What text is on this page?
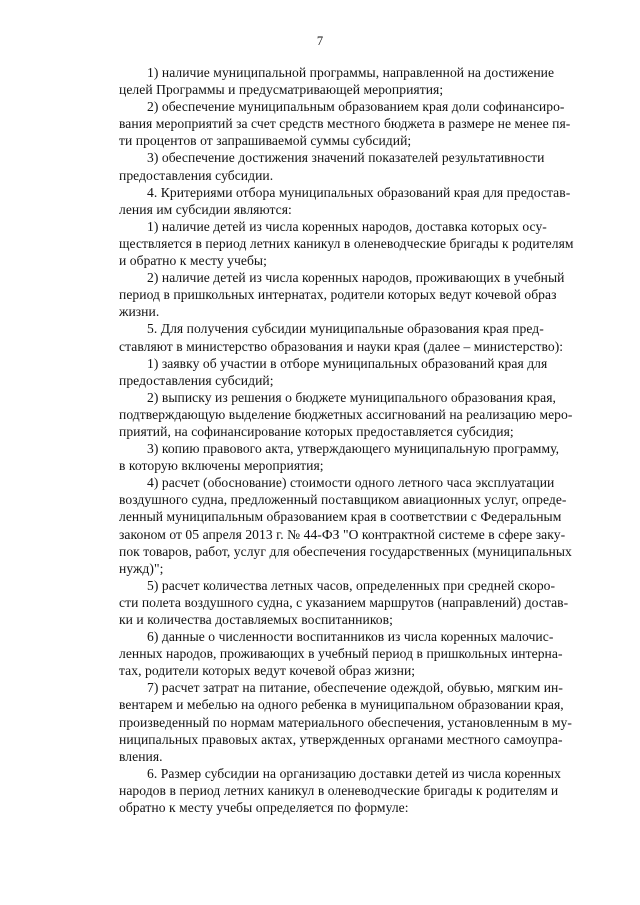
7

1) наличие муниципальной программы, направленной на достижение
целей Программы и предусматривающей мероприятия;

2) обеспечение муниципальным образованием края доли софинансиро-
вания мероприятий за счет средств местного бюджета в размере не менее пя-
ти процентов от запрашиваемой суммы субсидий;

3) обеспечение достижения значений показателей результативности
предоставления субсидии.

4. Критериями отбора муниципальных образований края для предостав-
ления им субсидии являются:

1) наличие детей из числа коренных народов, доставка которых осу-
ществляется в период летних каникул в оленеводческие бригады к родителям
и обратно к месту учебы;

2) наличие детей из числа коренных народов, проживающих в учебный
период в пришкольных интернатах, родители которых ведут кочевой образ
жизни.

5. Для получения субсидии муниципальные образования края пред-
ставляют в министерство образования и науки края (далее – министерство):

1) заявку об участии в отборе муниципальных образований края для
предоставления субсидий;

2) выписку из решения о бюджете муниципального образования края,
подтверждающую выделение бюджетных ассигнований на реализацию меро-
приятий, на софинансирование которых предоставляется субсидия;

3) копию правового акта, утверждающего муниципальную программу,
в которую включены мероприятия;

4) расчет (обоснование) стоимости одного летного часа эксплуатации
воздушного судна, предложенный поставщиком авиационных услуг, опреде-
ленный муниципальным образованием края в соответствии с Федеральным
законом от 05 апреля 2013 г. № 44-ФЗ "О контрактной системе в сфере заку-
пок товаров, работ, услуг для обеспечения государственных (муниципальных
нужд)";

5) расчет количества летных часов, определенных при средней скоро-
сти полета воздушного судна, с указанием маршрутов (направлений) достав-
ки и количества доставляемых воспитанников;

6) данные о численности воспитанников из числа коренных малочис-
ленных народов, проживающих в учебный период в пришкольных интерна-
тах, родители которых ведут кочевой образ жизни;

7) расчет затрат на питание, обеспечение одеждой, обувью, мягким ин-
вентарем и мебелью на одного ребенка в муниципальном образовании края,
произведенный по нормам материального обеспечения, установленным в му-
ниципальных правовых актах, утвержденных органами местного самоупра-
вления.

6. Размер субсидии на организацию доставки детей из числа коренных
народов в период летних каникул в оленеводческие бригады к родителям и
обратно к месту учебы определяется по формуле:
